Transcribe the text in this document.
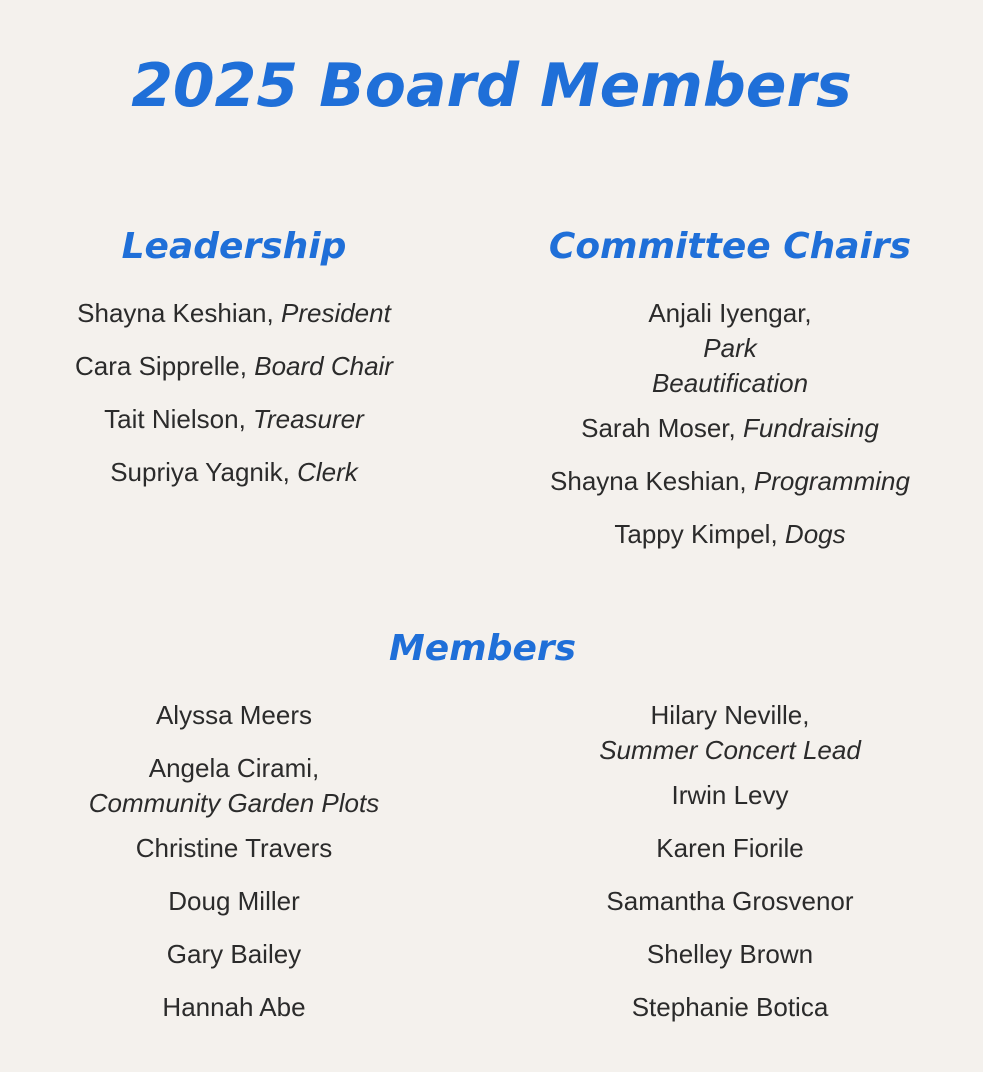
2025 Board Members
Leadership

Shayna Keshian, President

Cara Sipprelle, Board Chair

Tait Nielson, Treasurer

Supriya Yagnik, Clerk

Committee Chairs

Anjali Iyengar,
Park
Beautification

Sarah Moser, Fundraising

Shayna Keshian, Programming

Tappy Kimpel, Dogs

Members

Alyssa Meers

Angela Cirami,
Community Garden Plots

Christine Travers

Doug Miller

Gary Bailey

Hannah Abe

Hilary Neville,
Summer Concert Lead

Irwin Levy

Karen Fiorile

Samantha Grosvenor

Shelley Brown

Stephanie Botica
